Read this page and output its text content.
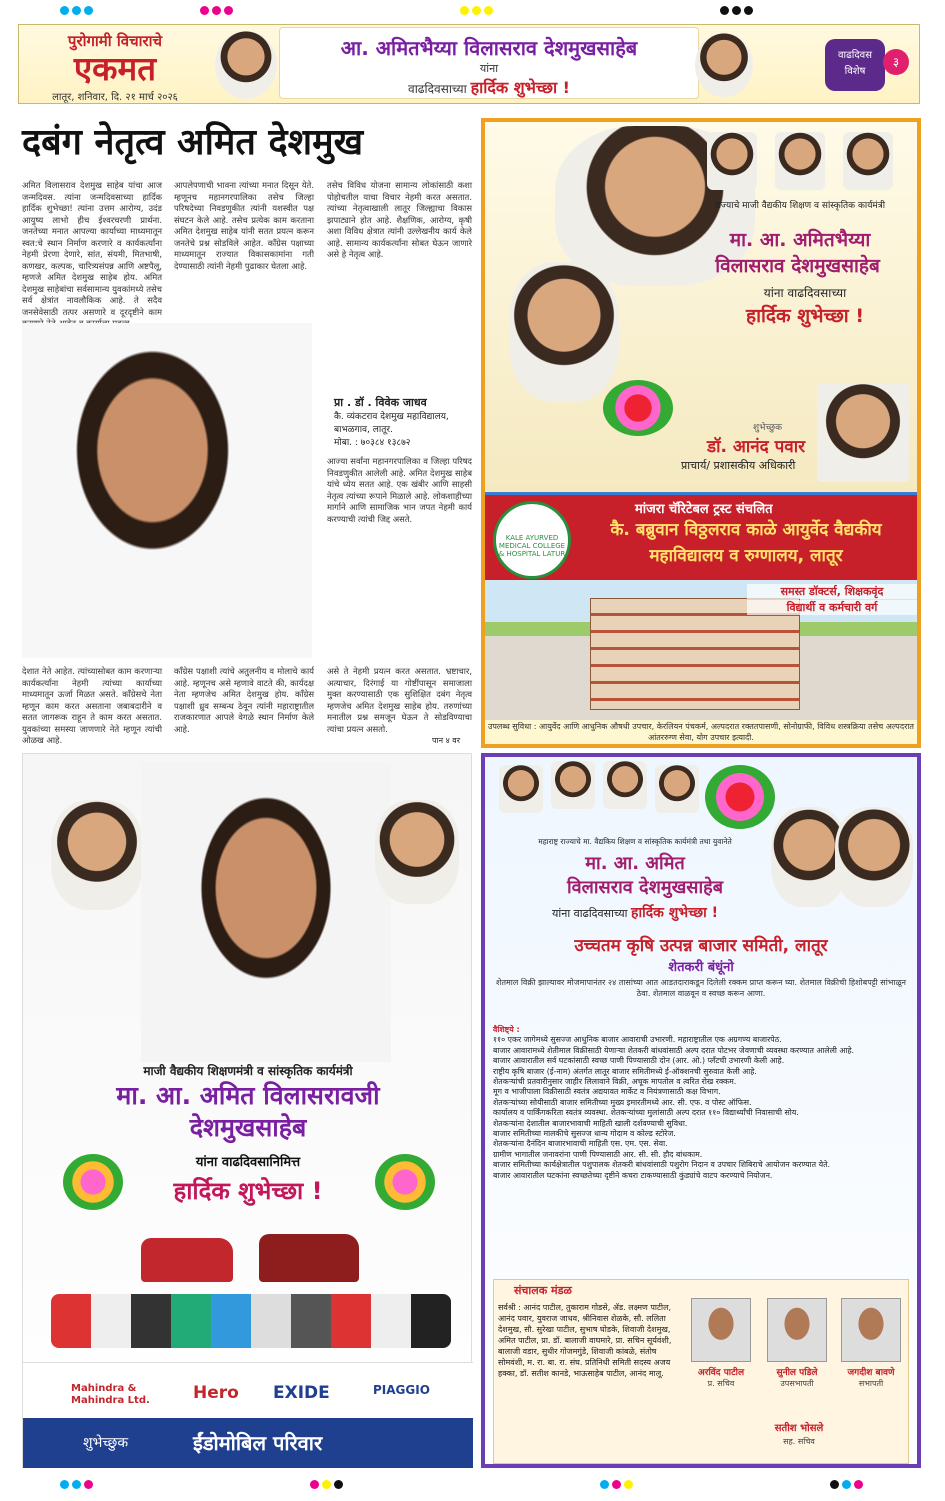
पुरोगामी विचाराचे
एकमत
लातूर, शनिवार, दि. २१ मार्च २०२६
आ. अमितभैय्या विलासराव देशमुखसाहेब
यांना
वाढदिवसाच्या हार्दिक शुभेच्छा !
वाढदिवस
विशेष
३
दबंग नेतृत्व अमित देशमुख
अमित विलासराव देशमुख साहेब यांचा आज जन्मदिवस. त्यांना जन्मदिवसाच्या हार्दिक हार्दिक शुभेच्छा! त्यांना उत्तम आरोग्य, उदंड आयुष्य लाभो हीच ईश्वरचरणी प्रार्थना. जनतेच्या मनात आपल्या कार्याच्या माध्यमातून स्वत:चे स्थान निर्माण करणारे व कार्यकर्त्यांना नेहमी प्रेरणा देणारे, सांत, संयमी, मितभाषी, कणखर, कल्पक, चारित्र्यसंपन्न आणि अष्टपैलू, म्हणजे अमित देशमुख साहेब होय. अमित देशमुख साहेबांचा सर्वसामान्य युवकांमध्ये तसेच सर्व क्षेत्रांत नावलौकिक आहे. ते सदैव जनसेवेसाठी तत्पर असणारे व दूरदृष्टीने काम
आपलेपणाची भावना त्यांच्या मनात दिसून येते. म्हणूनच महानगरपालिका तसेच जिल्हा परिषदेच्या निवडणुकीत त्यांनी यशस्वीत पक्ष संघटन केले आहे. तसेच प्रत्येक काम करताना अमित देशमुख साहेब यांनी सतत प्रयत्न करून जनतेचे प्रश्न सोडविले आहेत. काँग्रेस पक्षाच्या माध्यमातून राज्यात विकासकामांना गती देण्यासाठी त्यांनी नेहमी पुढाकार घेतला आहे.
तसेच विविध योजना सामान्य लोकांसाठी कशा पोहोचतील याचा विचार नेहमी करत असतात. त्यांच्या नेतृत्वाखाली लातूर जिल्ह्याचा विकास झपाट्याने होत आहे. शैक्षणिक, आरोग्य, कृषी अशा विविध क्षेत्रात त्यांनी उल्लेखनीय कार्य केले आहे. सामान्य कार्यकर्त्यांना सोबत घेऊन जाणारे असे हे नेतृत्व आहे.
प्रा . डॉ . विवेक जाधव
कै. व्यंकटराव देशमुख महाविद्यालय,
बाभळगाव, लातूर.
मोबा. : ७०३८४ १३८७२
आज्या सर्वांना महानगरपालिका व जिल्हा परिषद निवडणुकीत आलेली आहे. अमित देशमुख साहेब यांचे ध्येय सतत आहे. एक खंबीर आणि साहसी नेतृत्व त्यांच्या रूपाने मिळाले आहे. लोकशाहीच्या मार्गाने आणि सामाजिक भान जपत नेहमी कार्य करण्याची त्यांची जिद्द असते.
देशात नेते आहेत. त्यांच्यासोबत काम करणाऱ्या कार्यकर्त्यांना नेहमी त्यांच्या कार्याच्या माध्यमातून ऊर्जा मिळत असते. काँग्रेसचे नेता म्हणून काम करत असताना जबाबदारीने व सतत जागरूक राहून ते काम करत असतात. युवकांच्या समस्या जाणणारे नेते म्हणून त्यांची ओळख आहे.
काँग्रेस पक्षाशी त्यांचे अतुलनीय व मोलाचे कार्य आहे. म्हणूनच असे म्हणावे वाटते की, कार्यदक्ष नेता म्हणजेच अमित देशमुख होय. काँग्रेस पक्षाशी ध्रुव सम्बन्ध ठेवून त्यांनी महाराष्ट्रातील राजकारणात आपले वेगळे स्थान निर्माण केले आहे.
असे ते नेहमी प्रयत्न करत असतात. भ्रष्टाचार, अत्याचार, दिरंगाई या गोष्टींपासून समाजाला मुक्त करण्यासाठी एक सुशिक्षित दबंग नेतृत्व म्हणजेच अमित देशमुख साहेब होय. तरुणांच्या मनातील प्रश्न समजून घेऊन ते सोडविण्याचा त्यांचा प्रयत्न असतो.
पान ४ वर
राज्याचे माजी वैद्यकीय शिक्षण व सांस्कृतिक कार्यमंत्री
मा. आ. अमितभैय्या
विलासराव देशमुखसाहेब
यांना वाढदिवसाच्या
हार्दिक शुभेच्छा !
शुभेच्छुक
डॉ. आनंद पवार
प्राचार्य/ प्रशासकीय अधिकारी
KALE AYURVED MEDICAL COLLEGE & HOSPITAL LATUR
मांजरा चॅरिटेबल ट्रस्ट संचलित
कै. बब्रुवान विठ्ठलराव काळे आयुर्वेद वैद्यकीय महाविद्यालय व रुग्णालय, लातूर
समस्त डॉक्टर्स, शिक्षकवृंद
विद्यार्थी व कर्मचारी वर्ग
उपलब्ध सुविधा : आयुर्वेद आणि आधुनिक औषधी उपचार, केरलियन पंचकर्म, अल्पदरात रक्ततपासणी, सोनोग्राफी, विविध शस्त्रक्रिया तसेच अल्पदरात आंतररुग्ण सेवा, योग उपचार इत्यादी.
माजी वैद्यकीय शिक्षणमंत्री व सांस्कृतिक कार्यमंत्री
मा. आ. अमित विलासरावजी
देशमुखसाहेब
यांना वाढदिवसानिमित्त
हार्दिक शुभेच्छा !
Mahindra & Mahindra Ltd.	Hero EXIDE	PIAGGIO
शुभेच्छुक	ईंडोमोबिल परिवार
महाराष्ट्र राज्याचे मा. वैद्यकिय शिक्षण व सांस्कृतिक कार्यमंत्री तथा युवानेते
मा. आ. अमित
विलासराव देशमुखसाहेब
यांना वाढदिवसाच्या हार्दिक शुभेच्छा !
उच्चतम कृषि उत्पन्न बाजार समिती, लातूर
शेतकरी बंधूंनो
शेतमाल विक्री झाल्यावर मोजमापानंतर २४ तासांच्या आत आडतदाराकडून दिलेली रक्कम प्राप्त करून घ्या. शेतमाल विक्रीची हिशोबपट्टी सांभाळून ठेवा. शेतमाल वाळवून व स्वच्छ करून आणा.
वैशिष्ट्ये :

११० एकर जागेमध्ये सुसज्ज आधुनिक बाजार आवाराची उभारणी. महाराष्ट्रातील एक अग्रगण्य बाजारपेठ.

बाजार आवारामध्ये शेतीमाल विक्रीसाठी येणाऱ्या शेतकरी बांधवांसाठी अल्प दरात पोटभर जेवणाची व्यवस्था करण्यात आलेली आहे.

बाजार आवारातील सर्व घटकांसाठी स्वच्छ पाणी पिण्यासाठी दोन (आर. ओ.) प्लँटची उभारणी केली आहे.

राष्ट्रीय कृषि बाजार (ई-नाम) अंतर्गत लातूर बाजार समितीमध्ये ई-ऑक्शनची सुरुवात केली आहे.

शेतकऱ्यांची प्रतवारीनुसार जाहीर लिलावाने विक्री, अचूक मापतोल व त्वरित रोख रक्कम.

मूग व भाजीपाला विक्रीसाठी स्वतंत्र अद्ययावत मार्केट व नियंत्रणासाठी कक्ष विभाग.

शेतकऱ्यांच्या सोयीसाठी बाजार समितीच्या मुख्य इमारतीमध्ये आर. सी. एफ. व पोस्ट ऑफिस.

कार्यालय व पार्किंगकरिता स्वतंत्र व्यवस्था. शेतकऱ्यांच्या मुलांसाठी अल्प दरात ११० विद्यार्थ्यांची निवासाची सोय.

शेतकऱ्यांना देशातील बाजारभावाची माहिती खाली दर्शवण्याची सुविधा.

बाजार समितीच्या मालकीचे सुसज्ज धान्य गोदाम व कोल्ड स्टोरेज.

शेतकऱ्यांना दैनंदिन बाजारभावाची माहिती एस. एम. एस. सेवा.

ग्रामीण भागातील जनावरांना पाणी पिण्यासाठी आर. सी. सी. हौद बांधकाम.

बाजार समितीच्या कार्यक्षेत्रातील पशुपालक शेतकरी बांधवांसाठी पशुरोग निदान व उपचार शिबिराचे आयोजन करण्यात येते.

बाजार आवारातील घटकांना स्वच्छतेच्या दृष्टीने कचरा टाकण्यासाठी कुंड्यांचे वाटप करण्याचे नियोजन.

संचालक मंडळ
सर्वश्री : आनंद पाटील, तुकाराम गोडसे, ॲड. लक्ष्मण पाटील, आनंद पवार, युवराज जाधव, श्रीनिवास शेळके, सौ. ललिता देशमुख, सौ. सुरेखा पाटील, सुभाष घोडके, शिवाजी देशमुख, अमित पाटील, प्रा. डॉ. बालाजी वाघमारे, प्रा. सचिन सूर्यवंशी, बालाजी वडार, सुधीर गोजमगुंडे, शिवाजी कांबळे, संतोष सोमवंशी, म. रा. बा. रा. संघ. प्रतिनिधी समिती सदस्य अजय हक्का, डॉ. सतीश कानडे, भाऊसाहेब पाटील, आनंद मालू.	अरविंद पाटील
प्र. सचिव
सुनील पडिले
उपसभापती
जगदीश बावणे
सभापती
सतीश भोसले
सह. सचिव
